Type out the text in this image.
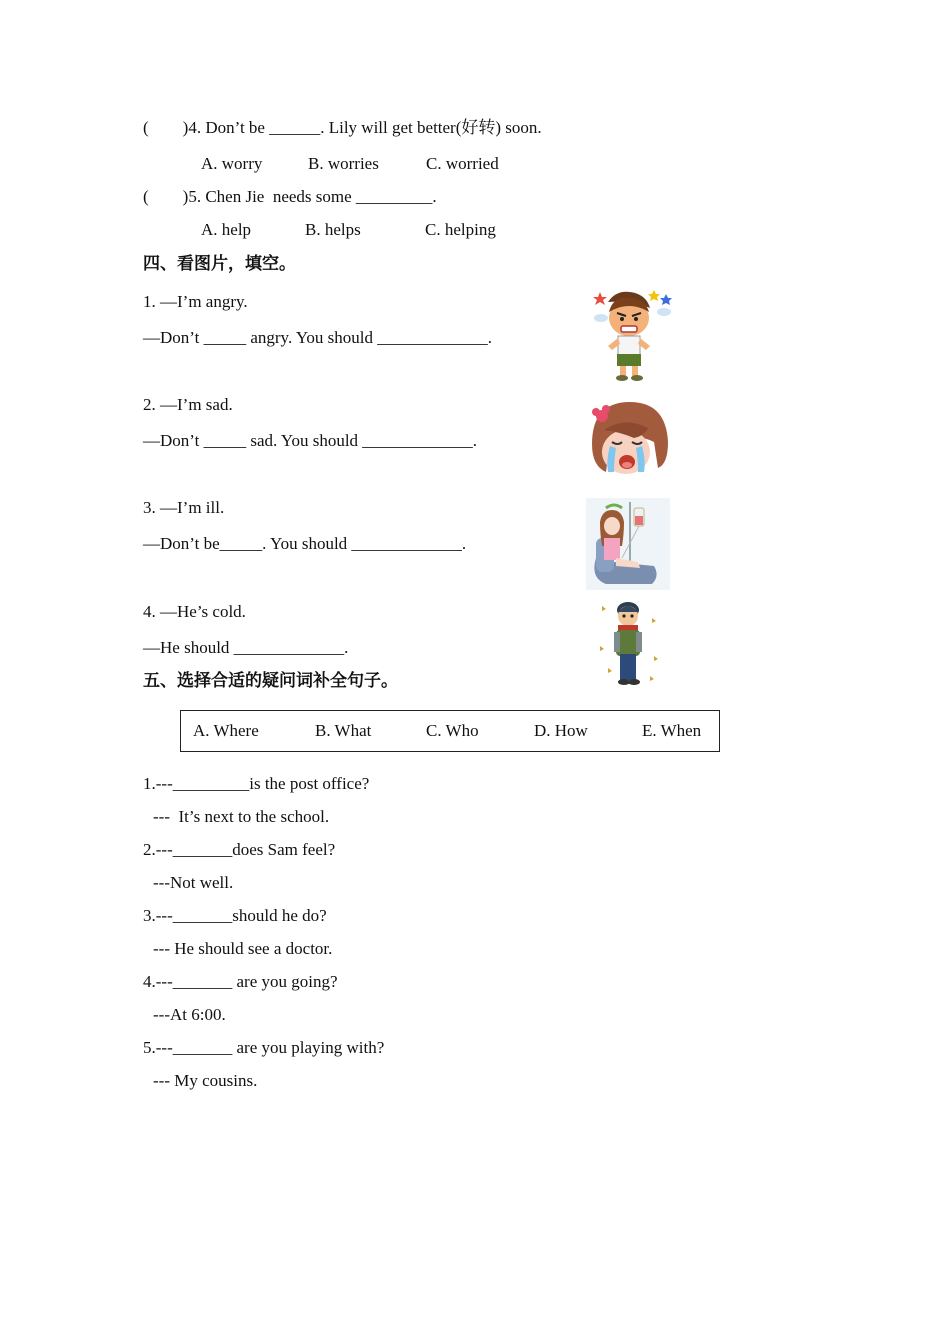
(        )4. Don’t be ______. Lily will get better(好转) soon.
A. worry	B. worries	C. worried
(        )5. Chen Jie  needs some _________.
A. help	B. helps	C. helping
四、看图片，填空。
1. —I’m angry.
—Don’t _____ angry. You should _____________.
2. —I’m sad.
—Don’t _____ sad. You should _____________.
3. —I’m ill.
—Don’t be_____. You should _____________.
4. —He’s cold.
—He should _____________.
五、选择合适的疑问词补全句子。
A. Where	B. What	C. Who	D. How	E. When
1.---_________is the post office?
---  It’s next to the school.
2.---_______does Sam feel?
---Not well.
3.---_______should he do?
--- He should see a doctor.
4.---_______ are you going?
---At 6:00.
5.---_______ are you playing with?
--- My cousins.
